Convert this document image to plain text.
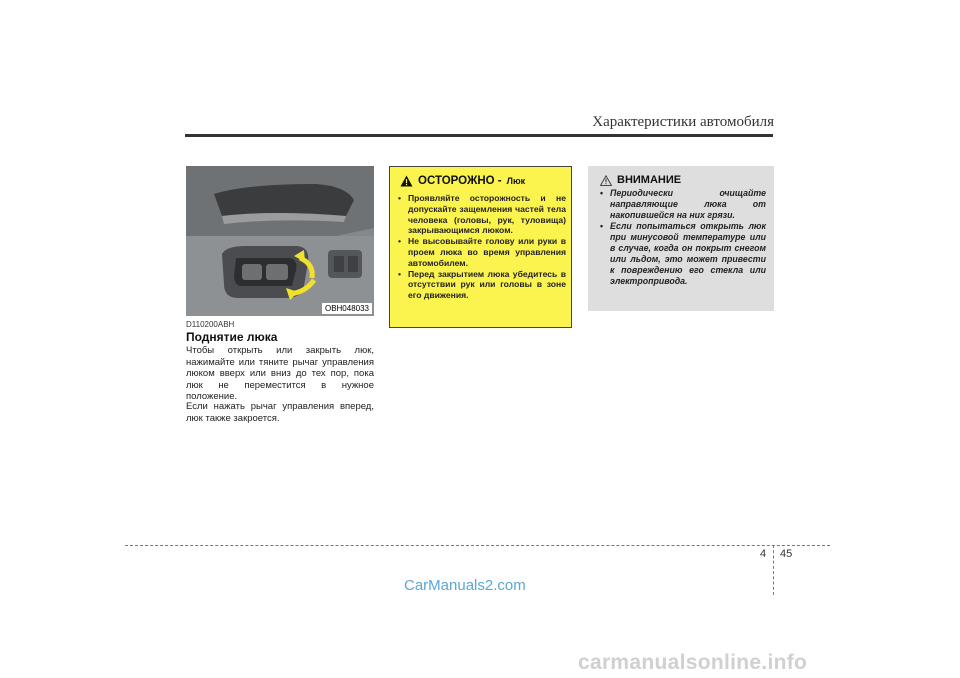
Характеристики автомобиля
OBH048033
D110200ABH
Поднятие люка

Чтобы открыть или закрыть люк, нажимайте или тяните рычаг управления люком вверх или вниз до тех пор, пока люк не переместится в нужное положение.

Если нажать рычаг управления вперед, люк также закроется.

ОСТОРОЖНО - Люк
• Проявляйте осторожность и не допускайте защемления частей тела человека (головы, рук, туловища) закрывающимся люком.
• Не высовывайте голову или руки в проем люка во время управления автомобилем.
• Перед закрытием люка убедитесь в отсутствии рук или головы в зоне его движения.
ВНИМАНИЕ
• Периодически очищайте направляющие люка от накопившейся на них грязи.
• Если попытаться открыть люк при минусовой температуре или в случае, когда он покрыт снегом или льдом, это может привести к повреждению его стекла или электропривода.
4 45
CarManuals2.com
carmanualsonline.info
